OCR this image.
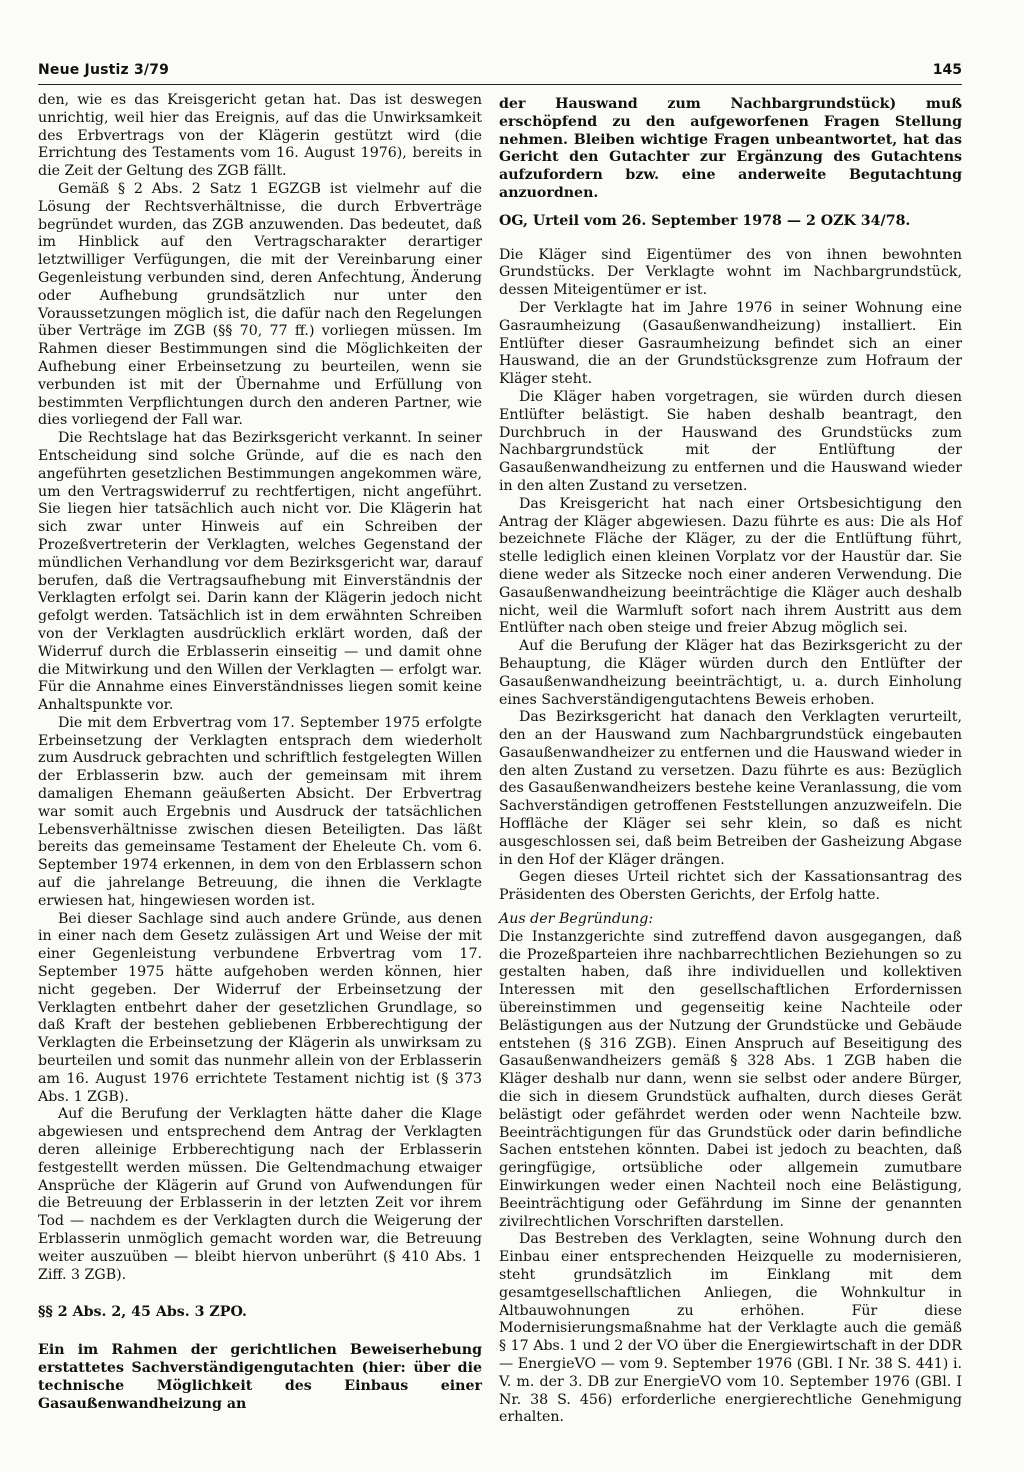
Neue Justiz 3/79	145

den, wie es das Kreisgericht getan hat. Das ist deswegen unrichtig, weil hier das Ereignis, auf das die Unwirksamkeit des Erbvertrags von der Klägerin gestützt wird (die Errichtung des Testaments vom 16. August 1976), bereits in die Zeit der Geltung des ZGB fällt.

Gemäß § 2 Abs. 2 Satz 1 EGZGB ist vielmehr auf die Lösung der Rechtsverhältnisse, die durch Erbverträge begründet wurden, das ZGB anzuwenden. Das bedeutet, daß im Hinblick auf den Vertragscharakter derartiger letztwilliger Verfügungen, die mit der Vereinbarung einer Gegenleistung verbunden sind, deren Anfechtung, Änderung oder Aufhebung grundsätzlich nur unter den Voraussetzungen möglich ist, die dafür nach den Regelungen über Verträge im ZGB (§§ 70, 77 ff.) vorliegen müssen. Im Rahmen dieser Bestimmungen sind die Möglichkeiten der Aufhebung einer Erbeinsetzung zu beurteilen, wenn sie verbunden ist mit der Übernahme und Erfüllung von bestimmten Verpflichtungen durch den anderen Partner, wie dies vorliegend der Fall war.

Die Rechtslage hat das Bezirksgericht verkannt. In seiner Entscheidung sind solche Gründe, auf die es nach den angeführten gesetzlichen Bestimmungen angekommen wäre, um den Vertragswiderruf zu rechtfertigen, nicht angeführt. Sie liegen hier tatsächlich auch nicht vor. Die Klägerin hat sich zwar unter Hinweis auf ein Schreiben der Prozeßvertreterin der Verklagten, welches Gegenstand der mündlichen Verhandlung vor dem Bezirksgericht war, darauf berufen, daß die Vertragsaufhebung mit Einverständnis der Verklagten erfolgt sei. Darin kann der Klägerin jedoch nicht gefolgt werden. Tatsächlich ist in dem erwähnten Schreiben von der Verklagten ausdrücklich erklärt worden, daß der Widerruf durch die Erblasserin einseitig — und damit ohne die Mitwirkung und den Willen der Verklagten — erfolgt war. Für die Annahme eines Einverständnisses liegen somit keine Anhaltspunkte vor.

Die mit dem Erbvertrag vom 17. September 1975 erfolgte Erbeinsetzung der Verklagten entsprach dem wiederholt zum Ausdruck gebrachten und schriftlich festgelegten Willen der Erblasserin bzw. auch der gemeinsam mit ihrem damaligen Ehemann geäußerten Absicht. Der Erbvertrag war somit auch Ergebnis und Ausdruck der tatsächlichen Lebensverhältnisse zwischen diesen Beteiligten. Das läßt bereits das gemeinsame Testament der Eheleute Ch. vom 6. September 1974 erkennen, in dem von den Erblassern schon auf die jahrelange Betreuung, die ihnen die Verklagte erwiesen hat, hingewiesen worden ist.

Bei dieser Sachlage sind auch andere Gründe, aus denen in einer nach dem Gesetz zulässigen Art und Weise der mit einer Gegenleistung verbundene Erbvertrag vom 17. September 1975 hätte aufgehoben werden können, hier nicht gegeben. Der Widerruf der Erbeinsetzung der Verklagten entbehrt daher der gesetzlichen Grundlage, so daß Kraft der bestehen gebliebenen Erbberechtigung der Verklagten die Erbeinsetzung der Klägerin als unwirksam zu beurteilen und somit das nunmehr allein von der Erblasserin am 16. August 1976 errichtete Testament nichtig ist (§ 373 Abs. 1 ZGB).

Auf die Berufung der Verklagten hätte daher die Klage abgewiesen und entsprechend dem Antrag der Verklagten deren alleinige Erbberechtigung nach der Erblasserin festgestellt werden müssen. Die Geltendmachung etwaiger Ansprüche der Klägerin auf Grund von Aufwendungen für die Betreuung der Erblasserin in der letzten Zeit vor ihrem Tod — nachdem es der Verklagten durch die Weigerung der Erblasserin unmöglich gemacht worden war, die Betreuung weiter auszuüben — bleibt hiervon unberührt (§ 410 Abs. 1 Ziff. 3 ZGB).

§§ 2 Abs. 2, 45 Abs. 3 ZPO.

Ein im Rahmen der gerichtlichen Beweiserhebung erstattetes Sachverständigengutachten (hier: über die technische Möglichkeit des Einbaus einer Gasaußenwandheizung an

der Hauswand zum Nachbargrundstück) muß erschöpfend zu den aufgeworfenen Fragen Stellung nehmen. Bleiben wichtige Fragen unbeantwortet, hat das Gericht den Gutachter zur Ergänzung des Gutachtens aufzufordern bzw. eine anderweite Begutachtung anzuordnen.

OG, Urteil vom 26. September 1978 — 2 OZK 34/78.

Die Kläger sind Eigentümer des von ihnen bewohnten Grundstücks. Der Verklagte wohnt im Nachbargrundstück, dessen Miteigentümer er ist.

Der Verklagte hat im Jahre 1976 in seiner Wohnung eine Gasraumheizung (Gasaußenwandheizung) installiert. Ein Entlüfter dieser Gasraumheizung befindet sich an einer Hauswand, die an der Grundstücksgrenze zum Hofraum der Kläger steht.

Die Kläger haben vorgetragen, sie würden durch diesen Entlüfter belästigt. Sie haben deshalb beantragt, den Durchbruch in der Hauswand des Grundstücks zum Nachbargrundstück mit der Entlüftung der Gasaußenwandheizung zu entfernen und die Hauswand wieder in den alten Zustand zu versetzen.

Das Kreisgericht hat nach einer Ortsbesichtigung den Antrag der Kläger abgewiesen. Dazu führte es aus: Die als Hof bezeichnete Fläche der Kläger, zu der die Entlüftung führt, stelle lediglich einen kleinen Vorplatz vor der Haustür dar. Sie diene weder als Sitzecke noch einer anderen Verwendung. Die Gasaußenwandheizung beeinträchtige die Kläger auch deshalb nicht, weil die Warmluft sofort nach ihrem Austritt aus dem Entlüfter nach oben steige und freier Abzug möglich sei.

Auf die Berufung der Kläger hat das Bezirksgericht zu der Behauptung, die Kläger würden durch den Entlüfter der Gasaußenwandheizung beeinträchtigt, u. a. durch Einholung eines Sachverständigengutachtens Beweis erhoben.

Das Bezirksgericht hat danach den Verklagten verurteilt, den an der Hauswand zum Nachbargrundstück eingebauten Gasaußenwandheizer zu entfernen und die Hauswand wieder in den alten Zustand zu versetzen. Dazu führte es aus: Bezüglich des Gasaußenwandheizers bestehe keine Veranlassung, die vom Sachverständigen getroffenen Feststellungen anzuzweifeln. Die Hoffläche der Kläger sei sehr klein, so daß es nicht ausgeschlossen sei, daß beim Betreiben der Gasheizung Abgase in den Hof der Kläger drängen.

Gegen dieses Urteil richtet sich der Kassationsantrag des Präsidenten des Obersten Gerichts, der Erfolg hatte.

Aus der Begründung:

Die Instanzgerichte sind zutreffend davon ausgegangen, daß die Prozeßparteien ihre nachbarrechtlichen Beziehungen so zu gestalten haben, daß ihre individuellen und kollektiven Interessen mit den gesellschaftlichen Erfordernissen übereinstimmen und gegenseitig keine Nachteile oder Belästigungen aus der Nutzung der Grundstücke und Gebäude entstehen (§ 316 ZGB). Einen Anspruch auf Beseitigung des Gasaußenwandheizers gemäß § 328 Abs. 1 ZGB haben die Kläger deshalb nur dann, wenn sie selbst oder andere Bürger, die sich in diesem Grundstück aufhalten, durch dieses Gerät belästigt oder gefährdet werden oder wenn Nachteile bzw. Beeinträchtigungen für das Grundstück oder darin befindliche Sachen entstehen könnten. Dabei ist jedoch zu beachten, daß geringfügige, ortsübliche oder allgemein zumutbare Einwirkungen weder einen Nachteil noch eine Belästigung, Beeinträchtigung oder Gefährdung im Sinne der genannten zivilrechtlichen Vorschriften darstellen.

Das Bestreben des Verklagten, seine Wohnung durch den Einbau einer entsprechenden Heizquelle zu modernisieren, steht grundsätzlich im Einklang mit dem gesamtgesellschaftlichen Anliegen, die Wohnkultur in Altbauwohnungen zu erhöhen. Für diese Modernisierungsmaßnahme hat der Verklagte auch die gemäß § 17 Abs. 1 und 2 der VO über die Energiewirtschaft in der DDR — EnergieVO — vom 9. September 1976 (GBl. I Nr. 38 S. 441) i. V. m. der 3. DB zur EnergieVO vom 10. September 1976 (GBl. I Nr. 38 S. 456) erforderliche energierechtliche Genehmigung erhalten.
